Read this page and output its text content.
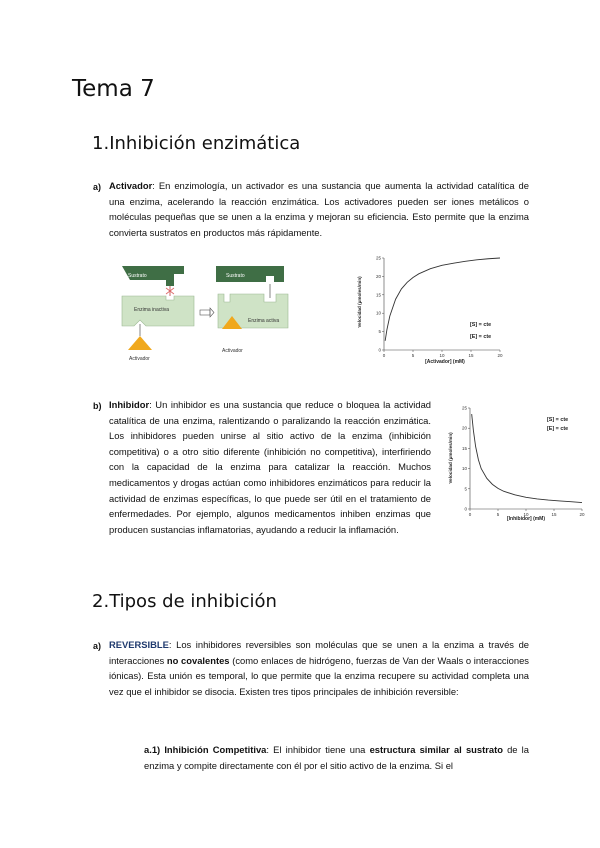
Tema 7
1.Inhibición enzimática
a) Activador: En enzimología, un activador es una sustancia que aumenta la actividad catalítica de una enzima, acelerando la reacción enzimática. Los activadores pueden ser iones metálicos o moléculas pequeñas que se unen a la enzima y mejoran su eficiencia. Esto permite que la enzima convierta sustratos en productos más rápidamente.

Sustrato
Enzima inactiva
Activador
Sustrato
Enzima activa
Activador
0	5	10	15	20
0
5
10
15
20
25
[Activador] (mM)
Velocidad (μmoles/min)	[S] = cte
[E] = cte
b) Inhibidor: Un inhibidor es una sustancia que reduce o bloquea la actividad catalítica de una enzima, ralentizando o paralizando la reacción enzimática. Los inhibidores pueden unirse al sitio activo de la enzima (inhibición competitiva) o a otro sitio diferente (inhibición no competitiva), interfiriendo con la capacidad de la enzima para catalizar la reacción. Muchos medicamentos y drogas actúan como inhibidores enzimáticos para reducir la actividad de enzimas específicas, lo que puede ser útil en el tratamiento de enfermedades. Por ejemplo, algunos medicamentos inhiben enzimas que producen sustancias inflamatorias, ayudando a reducir la inflamación.

0	5	10	15	20
0
5
10
15
20
25
[Inhibidor] (mM)
Velocidad (μmoles/min)
[S] = cte
[E] = cte
2.Tipos de inhibición
a) REVERSIBLE: Los inhibidores reversibles son moléculas que se unen a la enzima a través de interacciones no covalentes (como enlaces de hidrógeno, fuerzas de Van der Waals o interacciones iónicas). Esta unión es temporal, lo que permite que la enzima recupere su actividad completa una vez que el inhibidor se disocia. Existen tres tipos principales de inhibición reversible:

a.1) Inhibición Competitiva: El inhibidor tiene una estructura similar al sustrato de la enzima y compite directamente con él por el sitio activo de la enzima. Si el
